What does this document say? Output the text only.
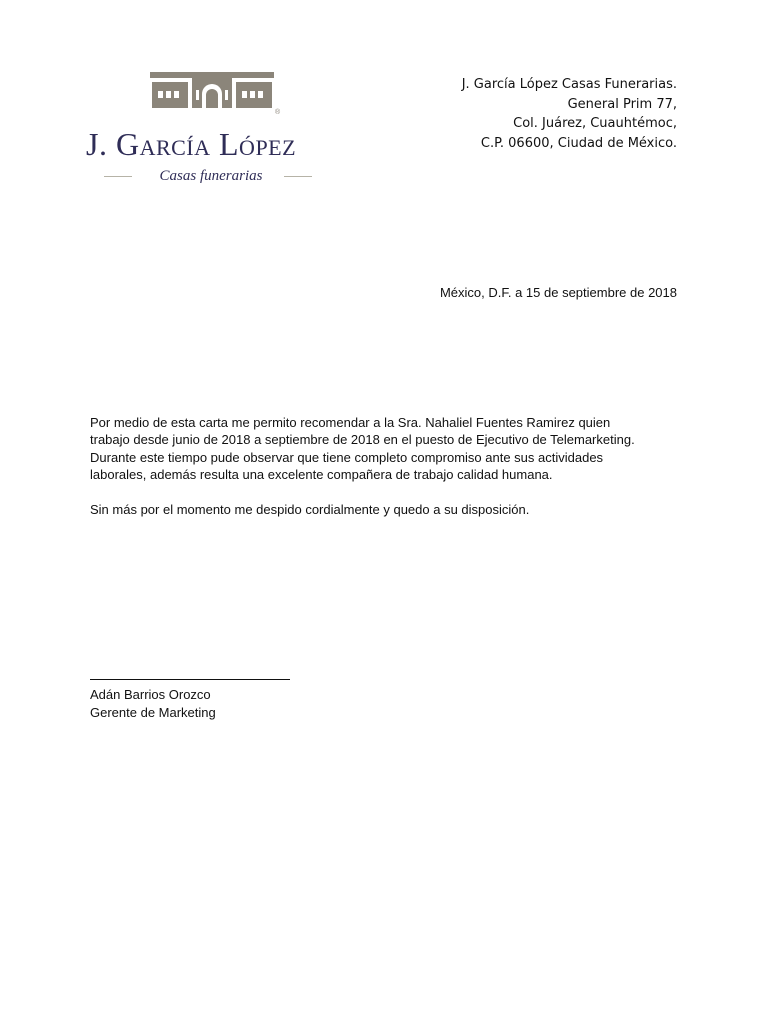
®
J. García López
Casas funerarias
J. García López Casas Funerarias.
General Prim 77,
Col. Juárez, Cuauhtémoc,
C.P. 06600, Ciudad de México.
México, D.F. a 15 de septiembre de 2018
Por medio de esta carta me permito recomendar a la Sra. Nahaliel Fuentes Ramirez quien
trabajo desde junio de 2018 a septiembre de 2018 en el puesto de Ejecutivo de Telemarketing.
Durante este tiempo pude observar que tiene completo compromiso ante sus actividades
laborales, además resulta una excelente compañera de trabajo calidad humana.
Sin más por el momento me despido cordialmente y quedo a su disposición.
Adán Barrios Orozco
Gerente de Marketing
